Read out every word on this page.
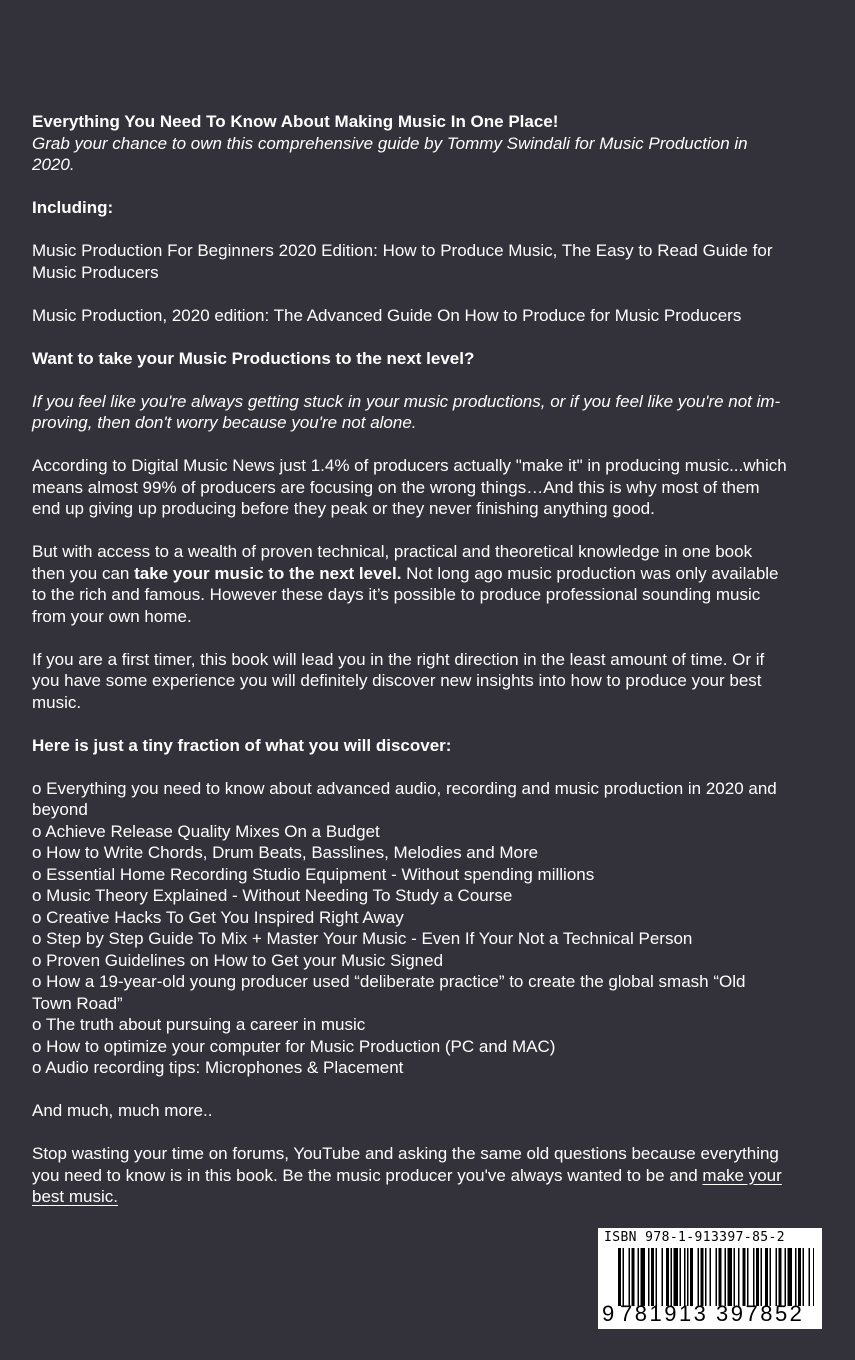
Everything You Need To Know About Making Music In One Place!
Grab your chance to own this comprehensive guide by Tommy Swindali for Music Production in
2020.
Including:
Music Production For Beginners 2020 Edition: How to Produce Music, The Easy to Read Guide for
Music Producers
Music Production, 2020 edition: The Advanced Guide On How to Produce for Music Producers
Want to take your Music Productions to the next level?
If you feel like you're always getting stuck in your music productions, or if you feel like you're not im-
proving, then don't worry because you're not alone.
According to Digital Music News just 1.4% of producers actually "make it" in producing music...which
means almost 99% of producers are focusing on the wrong things…And this is why most of them
end up giving up producing before they peak or they never finishing anything good.
But with access to a wealth of proven technical, practical and theoretical knowledge in one book
then you can take your music to the next level. Not long ago music production was only available
to the rich and famous. However these days it’s possible to produce professional sounding music
from your own home.
If you are a first timer, this book will lead you in the right direction in the least amount of time. Or if
you have some experience you will definitely discover new insights into how to produce your best
music.
Here is just a tiny fraction of what you will discover:
o Everything you need to know about advanced audio, recording and music production in 2020 and
beyond
o Achieve Release Quality Mixes On a Budget
o How to Write Chords, Drum Beats, Basslines, Melodies and More
o Essential Home Recording Studio Equipment - Without spending millions
o Music Theory Explained - Without Needing To Study a Course
o Creative Hacks To Get You Inspired Right Away
o Step by Step Guide To Mix + Master Your Music - Even If Your Not a Technical Person
o Proven Guidelines on How to Get your Music Signed
o How a 19-year-old young producer used “deliberate practice” to create the global smash “Old
Town Road”
o The truth about pursuing a career in music
o How to optimize your computer for Music Production (PC and MAC)
o Audio recording tips: Microphones & Placement
And much, much more..
Stop wasting your time on forums, YouTube and asking the same old questions because everything
you need to know is in this book. Be the music producer you've always wanted to be and make your
best music.
ISBN 978-1-913397-85-2
9 781913 397852
